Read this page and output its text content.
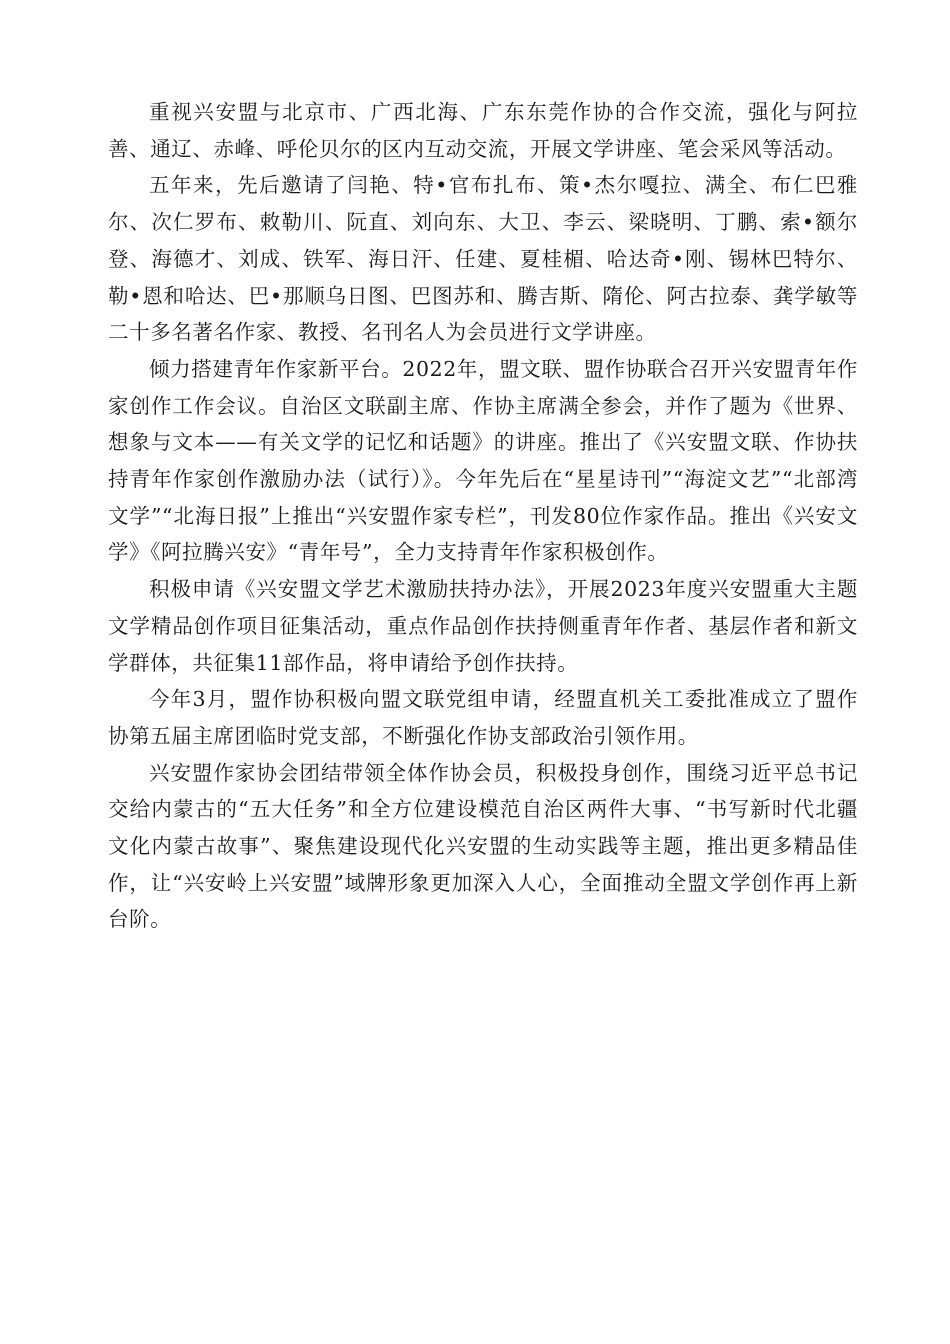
重视兴安盟与北京市、广西北海、广东东莞作协的合作交流，强化与阿拉善、通辽、赤峰、呼伦贝尔的区内互动交流，开展文学讲座、笔会采风等活动。

五年来，先后邀请了闫艳、特•官布扎布、策•杰尔嘎拉、满全、布仁巴雅尔、次仁罗布、敕勒川、阮直、刘向东、大卫、李云、梁晓明、丁鹏、索•额尔登、海德才、刘成、铁军、海日汗、任建、夏桂楣、哈达奇•刚、锡林巴特尔、勒•恩和哈达、巴•那顺乌日图、巴图苏和、腾吉斯、隋伦、阿古拉泰、龚学敏等二十多名著名作家、教授、名刊名人为会员进行文学讲座。

倾力搭建青年作家新平台。2022年，盟文联、盟作协联合召开兴安盟青年作家创作工作会议。自治区文联副主席、作协主席满全参会，并作了题为《世界、想象与文本——有关文学的记忆和话题》的讲座。推出了《兴安盟文联、作协扶持青年作家创作激励办法（试行）》。今年先后在“星星诗刊”“海淀文艺”“北部湾文学”“北海日报”上推出“兴安盟作家专栏”，刊发80位作家作品。推出《兴安文学》《阿拉腾兴安》“青年号”，全力支持青年作家积极创作。

积极申请《兴安盟文学艺术激励扶持办法》，开展2023年度兴安盟重大主题文学精品创作项目征集活动，重点作品创作扶持侧重青年作者、基层作者和新文学群体，共征集11部作品，将申请给予创作扶持。

今年3月，盟作协积极向盟文联党组申请，经盟直机关工委批准成立了盟作协第五届主席团临时党支部，不断强化作协支部政治引领作用。

兴安盟作家协会团结带领全体作协会员，积极投身创作，围绕习近平总书记交给内蒙古的“五大任务”和全方位建设模范自治区两件大事、“书写新时代北疆文化内蒙古故事”、聚焦建设现代化兴安盟的生动实践等主题，推出更多精品佳作，让“兴安岭上兴安盟”域牌形象更加深入人心，全面推动全盟文学创作再上新台阶。
